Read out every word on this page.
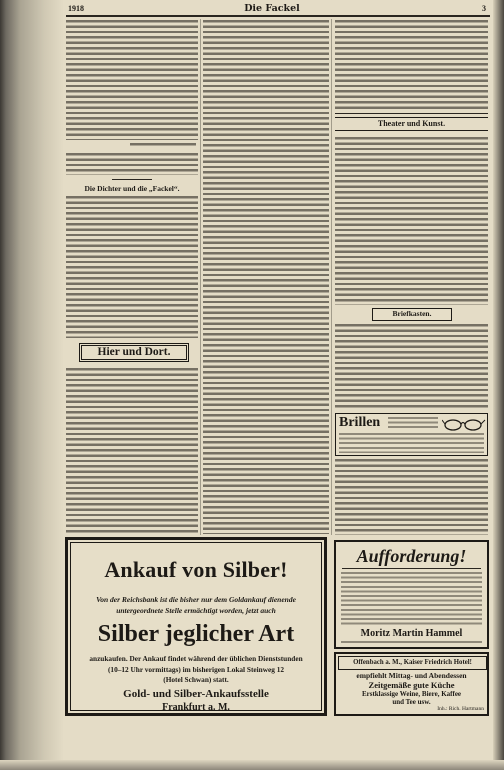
1918	Die Fackel	3
Die Dichter und die „Fackel“.
Hier und Dort.
Theater und Kunst.
Briefkasten.
Brillen
Ankauf von Silber!
Von der Reichsbank ist die bisher nur dem Goldankauf dienende
untergeordnete Stelle ermächtigt worden, jetzt auch
Silber jeglicher Art
anzukaufen. Der Ankauf findet während der üblichen Dienststunden
(10–12 Uhr vormittags) im bisherigen Lokal Steinweg 12
(Hotel Schwan) statt.
Gold- und Silber-Ankaufsstelle
Frankfurt a. M.
Aufforderung!
Moritz Martin Hammel
Offenbach a. M., Kaiser Friedrich Hotel!
empfiehlt Mittag- und Abendessen
Zeitgemäße gute Küche
Erstklassige Weine, Biere, Kaffee
und Tee usw.
Inh.: Rich. Hartmann
